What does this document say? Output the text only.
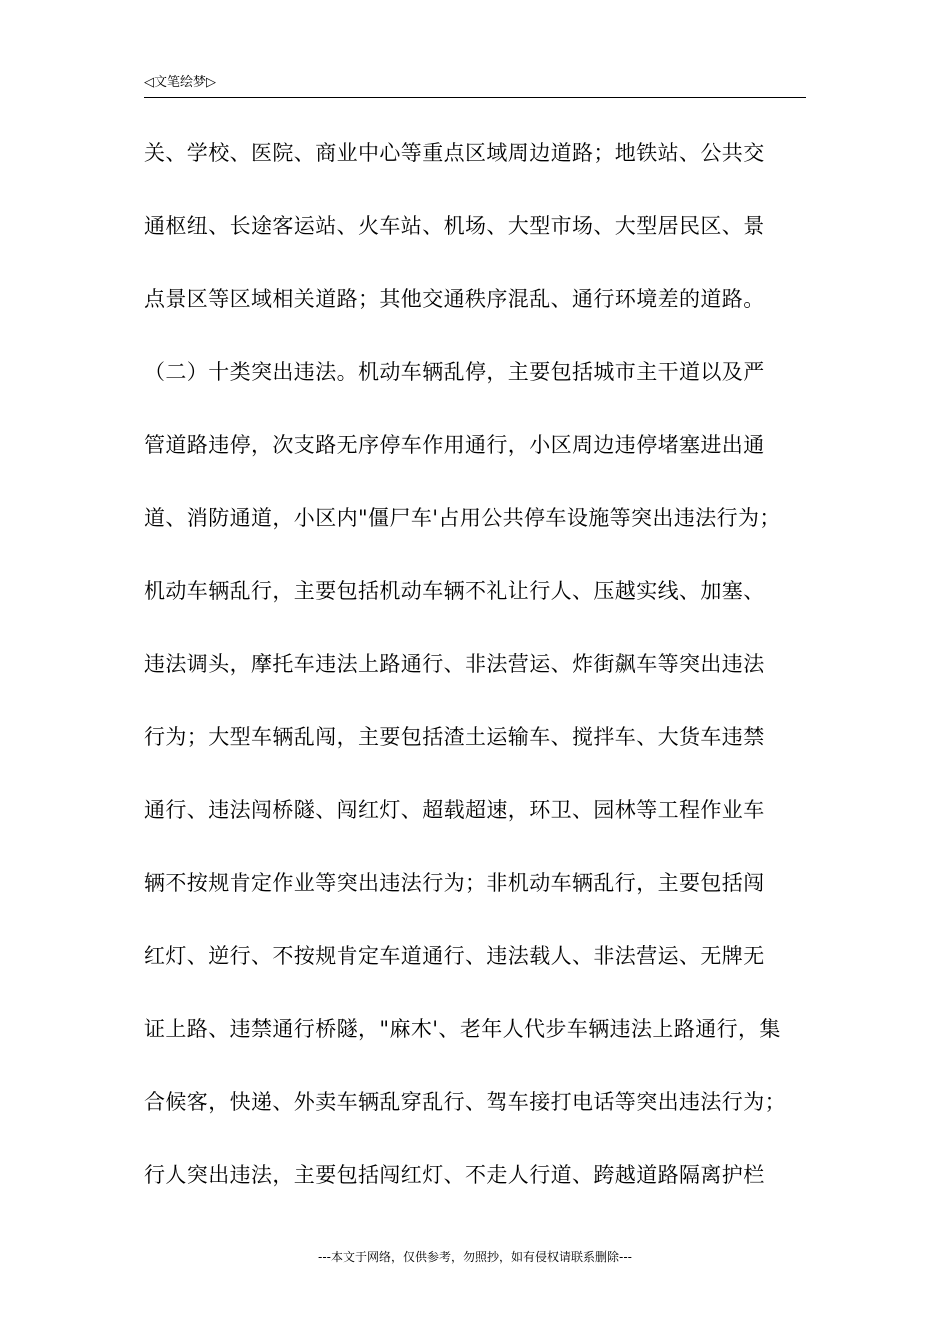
◁文笔绘梦▷
关、学校、医院、商业中心等重点区域周边道路；地铁站、公共交
通枢纽、长途客运站、火车站、机场、大型市场、大型居民区、景
点景区等区域相关道路；其他交通秩序混乱、通行环境差的道路。
（二）十类突出违法。机动车辆乱停，主要包括城市主干道以及严
管道路违停，次支路无序停车作用通行，小区周边违停堵塞进出通
道、消防通道，小区内"僵尸车'占用公共停车设施等突出违法行为；
机动车辆乱行，主要包括机动车辆不礼让行人、压越实线、加塞、
违法调头，摩托车违法上路通行、非法营运、炸街飙车等突出违法
行为；大型车辆乱闯，主要包括渣土运输车、搅拌车、大货车违禁
通行、违法闯桥隧、闯红灯、超载超速，环卫、园林等工程作业车
辆不按规肯定作业等突出违法行为；非机动车辆乱行，主要包括闯
红灯、逆行、不按规肯定车道通行、违法载人、非法营运、无牌无
证上路、违禁通行桥隧，"麻木'、老年人代步车辆违法上路通行，集
合候客，快递、外卖车辆乱穿乱行、驾车接打电话等突出违法行为；
行人突出违法，主要包括闯红灯、不走人行道、跨越道路隔离护栏
---本文于网络，仅供参考，勿照抄，如有侵权请联系删除---
